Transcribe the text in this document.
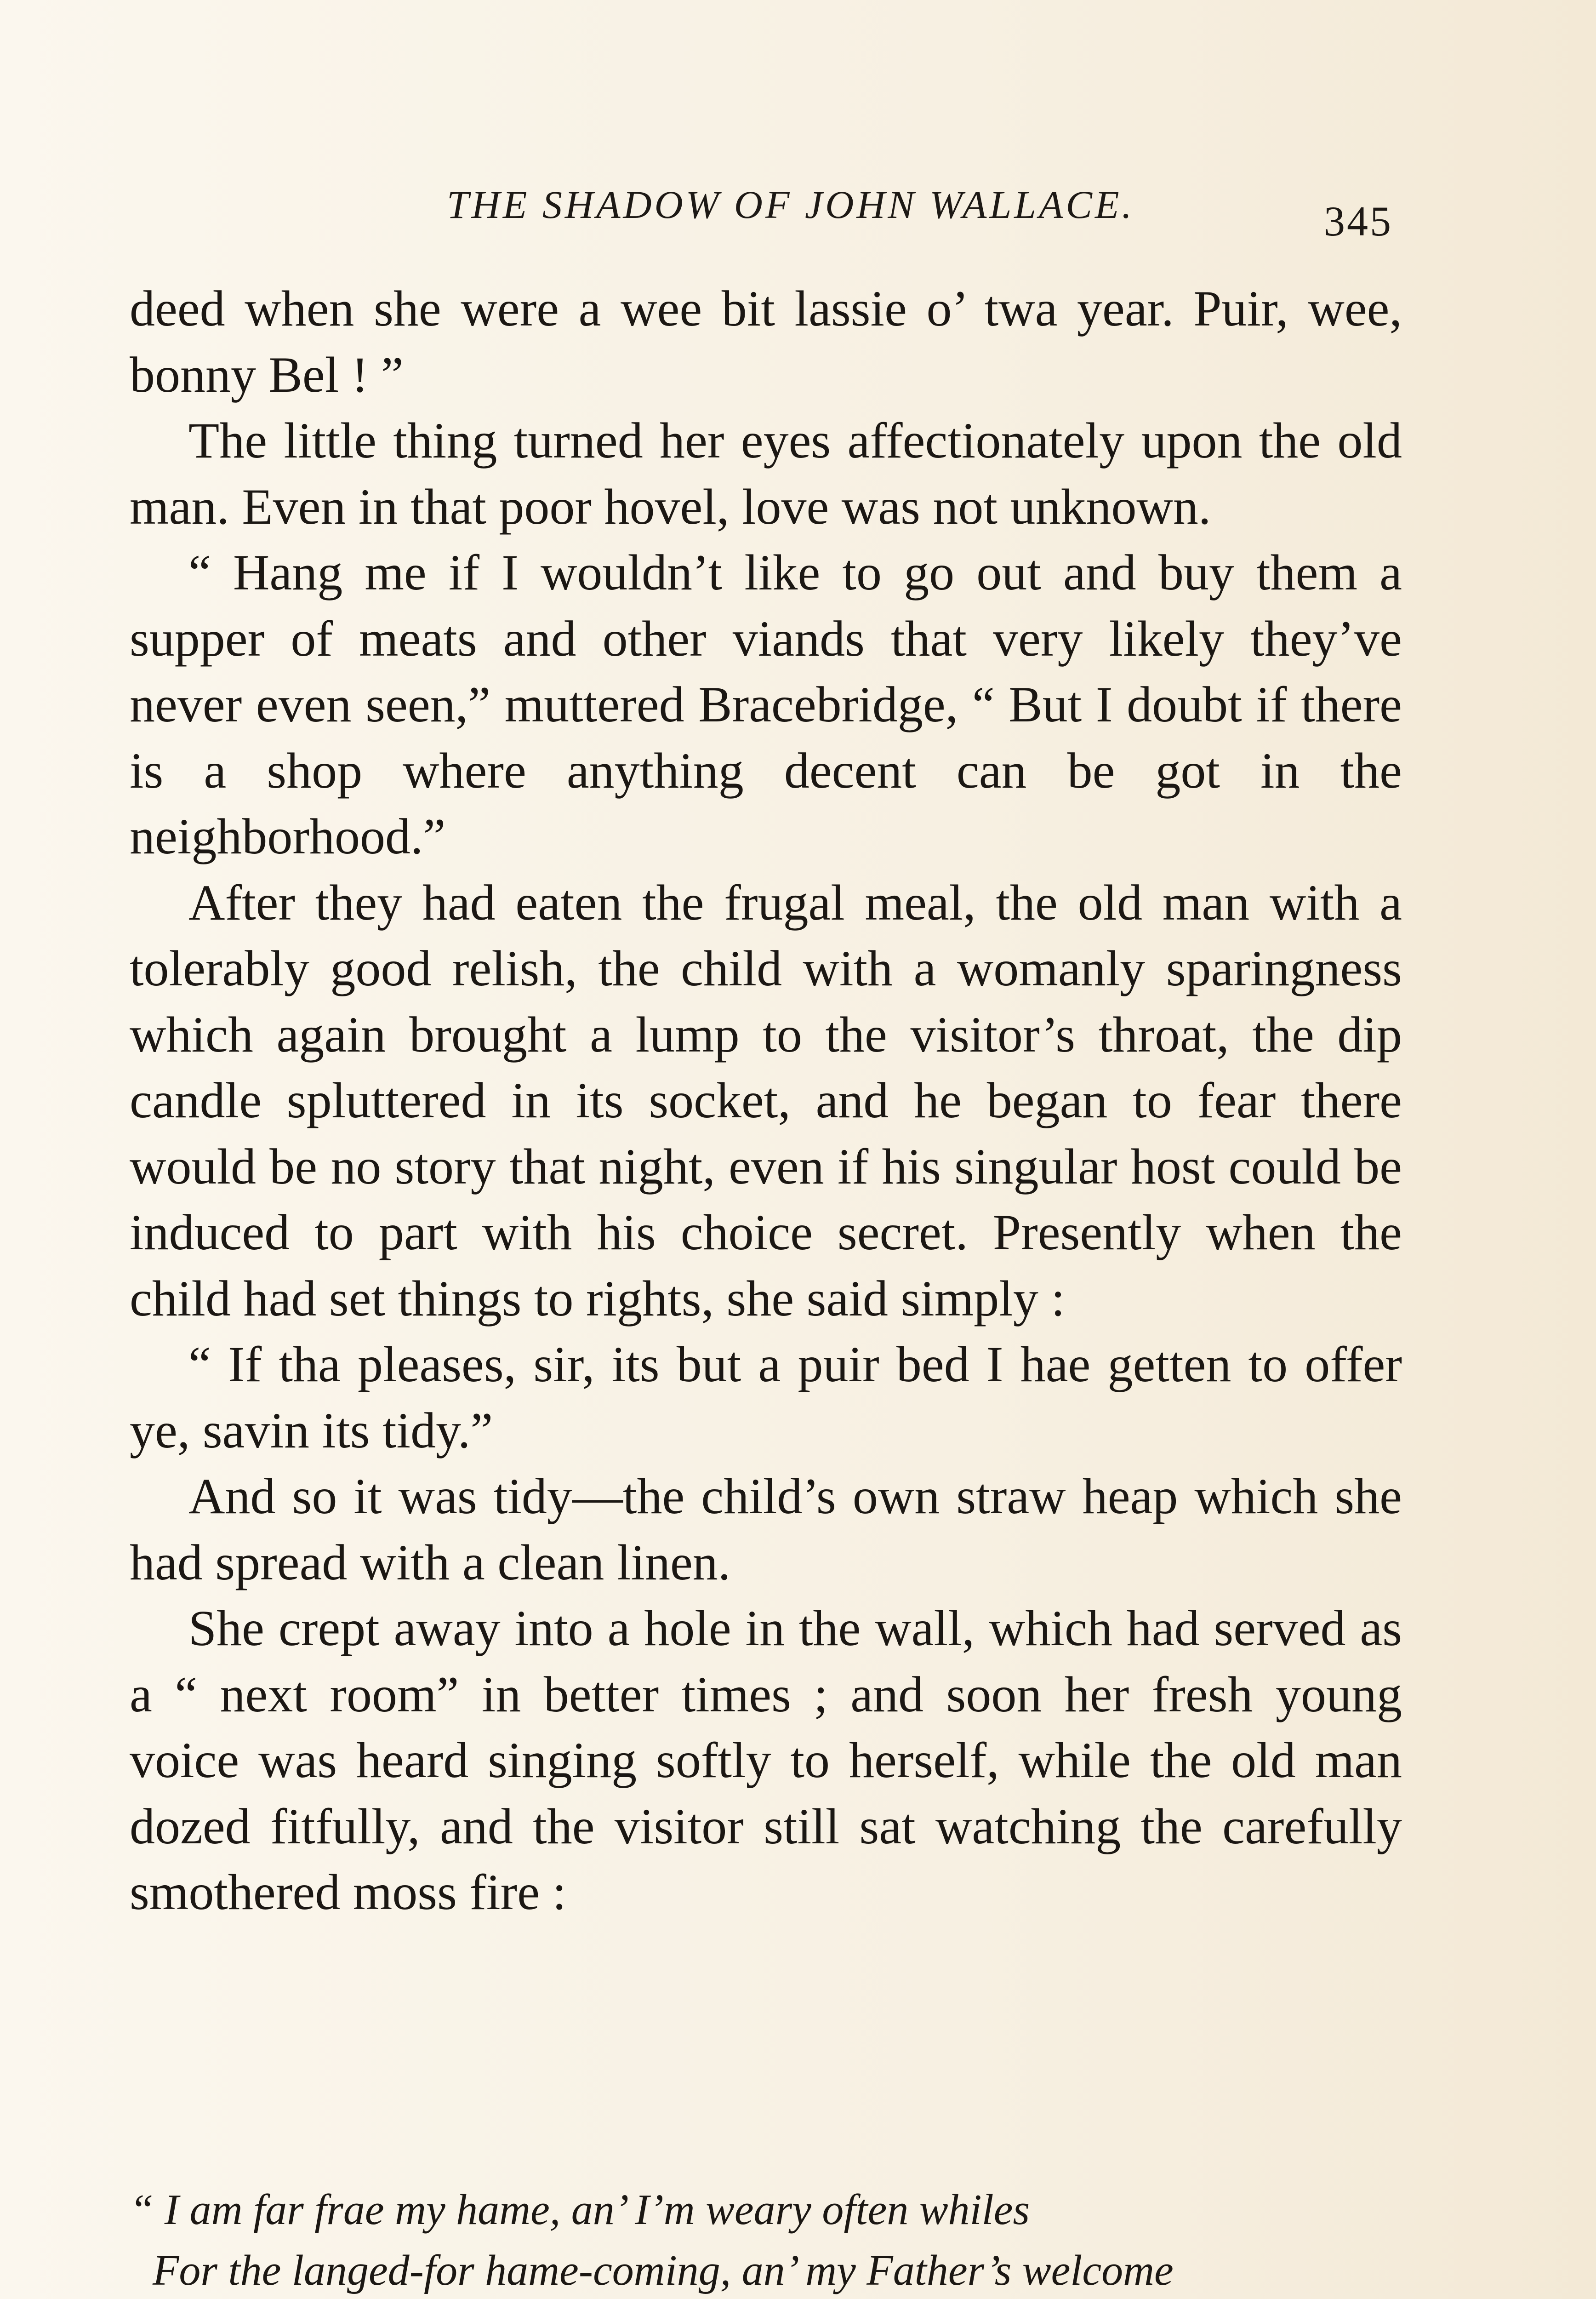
THE SHADOW OF JOHN WALLACE.	345

deed when she were a wee bit lassie o’ twa year. Puir, wee, bonny Bel ! ”

The little thing turned her eyes affectionately upon the old man. Even in that poor hovel, love was not unknown.

“ Hang me if I wouldn’t like to go out and buy them a supper of meats and other viands that very likely they’ve never even seen,” muttered Bracebridge, “ But I doubt if there is a shop where anything decent can be got in the neighborhood.”

After they had eaten the frugal meal, the old man with a tolerably good relish, the child with a womanly sparingness which again brought a lump to the visitor’s throat, the dip candle spluttered in its socket, and he began to fear there would be no story that night, even if his singular host could be induced to part with his choice secret. Presently when the child had set things to rights, she said simply :

“ If tha pleases, sir, its but a puir bed I hae getten to offer ye, savin its tidy.”

And so it was tidy—the child’s own straw heap which she had spread with a clean linen.

She crept away into a hole in the wall, which had served as a “ next room” in better times ; and soon her fresh young voice was heard singing softly to herself, while the old man dozed fitfully, and the visitor still sat watching the carefully smothered moss fire :

“ I am far frae my hame, an’ I’m weary often whiles
For the langed-for hame-coming, an’ my Father’s welcome
